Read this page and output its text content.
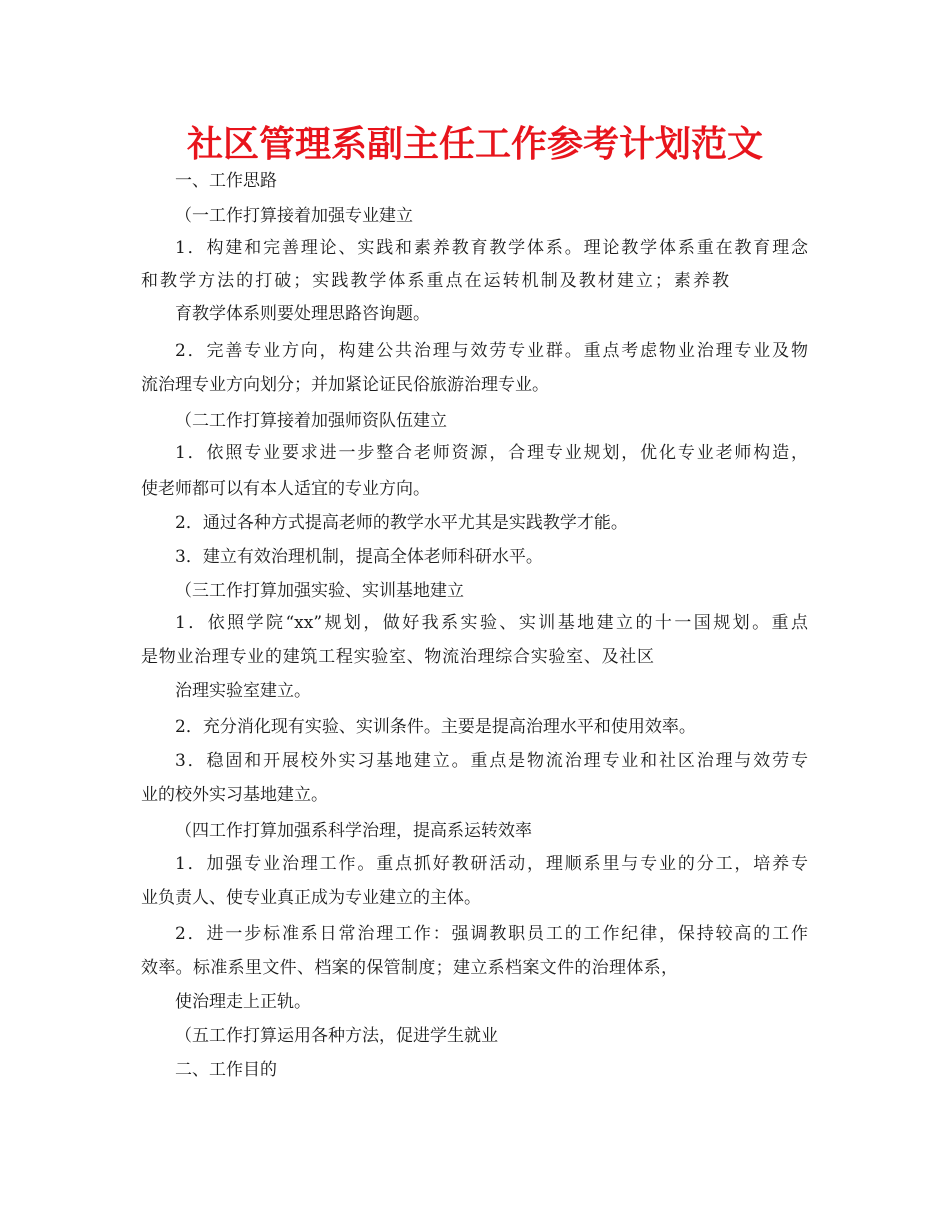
社区管理系副主任工作参考计划范文
一、工作思路
（一工作打算接着加强专业建立
1．构建和完善理论、实践和素养教育教学体系。理论教学体系重在教育理念
和教学方法的打破；实践教学体系重点在运转机制及教材建立；素养教
育教学体系则要处理思路咨询题。
2．完善专业方向，构建公共治理与效劳专业群。重点考虑物业治理专业及物
流治理专业方向划分；并加紧论证民俗旅游治理专业。
（二工作打算接着加强师资队伍建立
1．依照专业要求进一步整合老师资源，合理专业规划，优化专业老师构造，
使老师都可以有本人适宜的专业方向。
2．通过各种方式提高老师的教学水平尤其是实践教学才能。
3．建立有效治理机制，提高全体老师科研水平。
（三工作打算加强实验、实训基地建立
1．依照学院“xx”规划，做好我系实验、实训基地建立的十一国规划。重点
是物业治理专业的建筑工程实验室、物流治理综合实验室、及社区
治理实验室建立。
2．充分消化现有实验、实训条件。主要是提高治理水平和使用效率。
3．稳固和开展校外实习基地建立。重点是物流治理专业和社区治理与效劳专
业的校外实习基地建立。
（四工作打算加强系科学治理，提高系运转效率
1．加强专业治理工作。重点抓好教研活动，理顺系里与专业的分工，培养专
业负责人、使专业真正成为专业建立的主体。
2．进一步标准系日常治理工作：强调教职员工的工作纪律，保持较高的工作
效率。标准系里文件、档案的保管制度；建立系档案文件的治理体系，
使治理走上正轨。
（五工作打算运用各种方法，促进学生就业
二、工作目的
